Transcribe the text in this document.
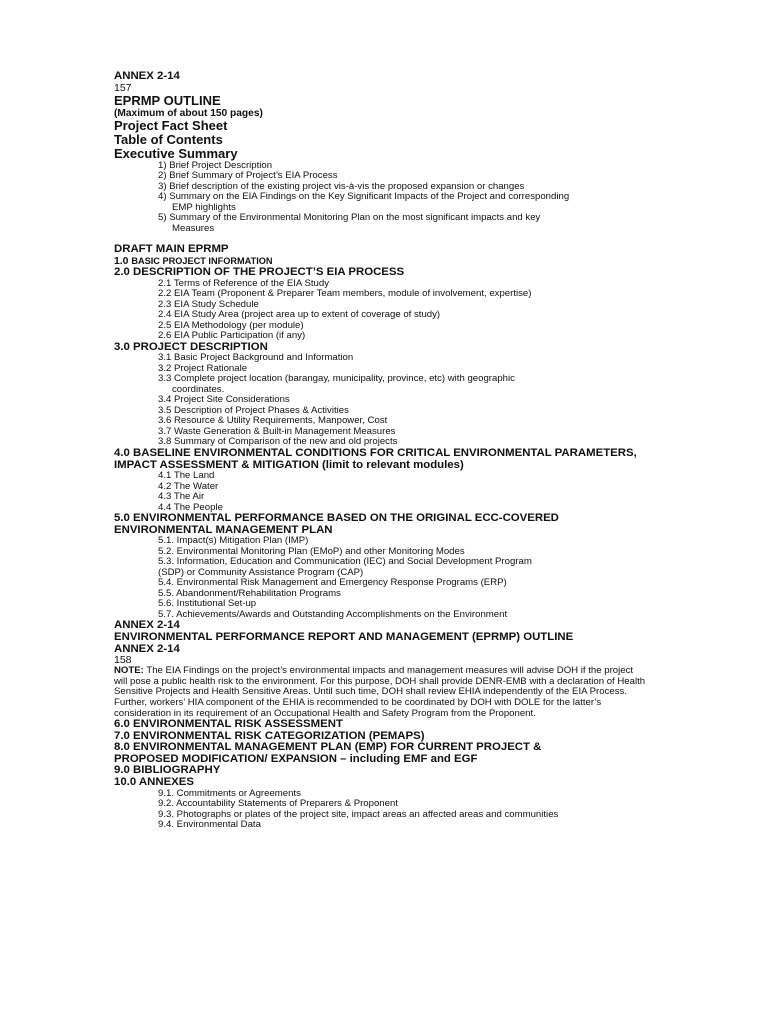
ANNEX 2-14
157
EPRMP OUTLINE
(Maximum of about 150 pages)
Project Fact Sheet
Table of Contents
Executive Summary
1) Brief Project Description
2) Brief Summary of Project’s EIA Process
3) Brief description of the existing project vis-à-vis the proposed expansion or changes
4) Summary on the EIA Findings on the Key Significant Impacts of the Project and corresponding
EMP highlights
5) Summary of the Environmental Monitoring Plan on the most significant impacts and key
Measures
DRAFT MAIN EPRMP
1.0 BASIC PROJECT INFORMATION
2.0 DESCRIPTION OF THE PROJECT’S EIA PROCESS
2.1 Terms of Reference of the EIA Study
2.2 EIA Team (Proponent & Preparer Team members, module of involvement, expertise)
2.3 EIA Study Schedule
2.4 EIA Study Area (project area up to extent of coverage of study)
2.5 EIA Methodology (per module)
2.6 EIA Public Participation (if any)
3.0 PROJECT DESCRIPTION
3.1 Basic Project Background and Information
3.2 Project Rationale
3.3 Complete project location (barangay, municipality, province, etc) with geographic
coordinates.
3.4 Project Site Considerations
3.5 Description of Project Phases & Activities
3.6 Resource & Utility Requirements, Manpower, Cost
3.7 Waste Generation & Built-in Management Measures
3.8 Summary of Comparison of the new and old projects
4.0 BASELINE ENVIRONMENTAL CONDITIONS FOR CRITICAL ENVIRONMENTAL PARAMETERS, IMPACT ASSESSMENT & MITIGATION (limit to relevant modules)
4.1 The Land
4.2 The Water
4.3 The Air
4.4 The People
5.0 ENVIRONMENTAL PERFORMANCE BASED ON THE ORIGINAL ECC-COVERED ENVIRONMENTAL MANAGEMENT PLAN
5.1. Impact(s) Mitigation Plan (IMP)
5.2. Environmental Monitoring Plan (EMoP) and other Monitoring Modes
5.3. Information, Education and Communication (IEC) and Social Development Program
(SDP) or Community Assistance Program (CAP)
5.4. Environmental Risk Management and Emergency Response Programs (ERP)
5.5. Abandonment/Rehabilitation Programs
5.6. Institutional Set-up
5.7. Achievements/Awards and Outstanding Accomplishments on the Environment
ANNEX 2-14
ENVIRONMENTAL PERFORMANCE REPORT AND MANAGEMENT (EPRMP) OUTLINE
ANNEX 2-14
158
NOTE: The EIA Findings on the project’s environmental impacts and management measures will advise DOH if the project will pose a public health risk to the environment. For this purpose, DOH shall provide DENR-EMB with a declaration of Health Sensitive Projects and Health Sensitive Areas. Until such time, DOH shall review EHIA independently of the EIA Process. Further, workers’ HIA component of the EHIA is recommended to be coordinated by DOH with DOLE for the latter’s consideration in its requirement of an Occupational Health and Safety Program from the Proponent.
6.0 ENVIRONMENTAL RISK ASSESSMENT
7.0 ENVIRONMENTAL RISK CATEGORIZATION (PEMAPS)
8.0 ENVIRONMENTAL MANAGEMENT PLAN (EMP) FOR CURRENT PROJECT & PROPOSED MODIFICATION/ EXPANSION – including EMF and EGF
9.0 BIBLIOGRAPHY
10.0 ANNEXES
9.1. Commitments or Agreements
9.2. Accountability Statements of Preparers & Proponent
9.3. Photographs or plates of the project site, impact areas an affected areas and communities
9.4. Environmental Data
